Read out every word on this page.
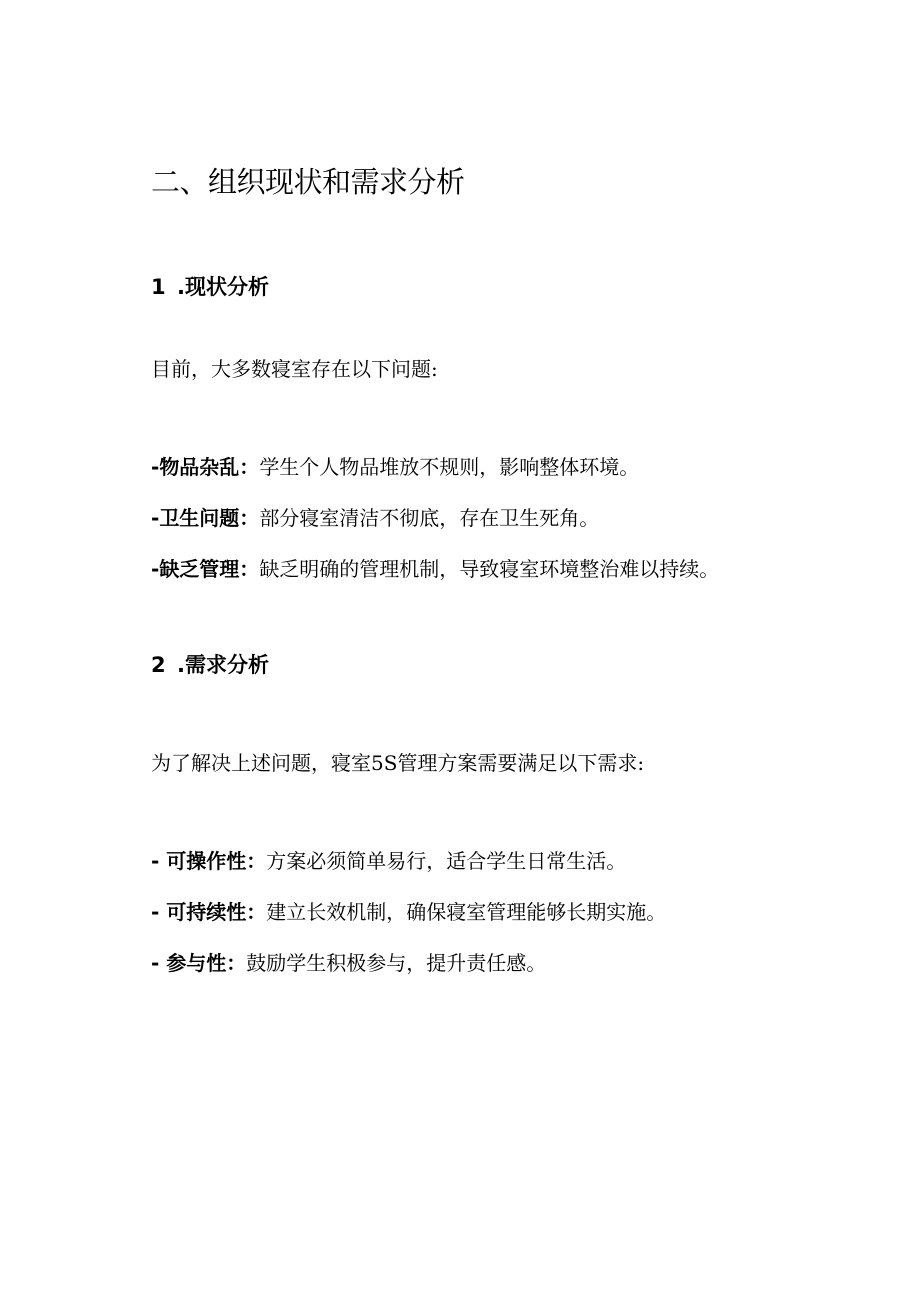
二、组织现状和需求分析
1 .现状分析
目前，大多数寝室存在以下问题:
-物品杂乱：学生个人物品堆放不规则，影响整体环境。
-卫生问题：部分寝室清洁不彻底，存在卫生死角。
-缺乏管理：缺乏明确的管理机制，导致寝室环境整治难以持续。
2 .需求分析
为了解决上述问题，寝室5S管理方案需要满足以下需求:
- 可操作性：方案必须简单易行，适合学生日常生活。
- 可持续性：建立长效机制，确保寝室管理能够长期实施。
- 参与性：鼓励学生积极参与，提升责任感。
